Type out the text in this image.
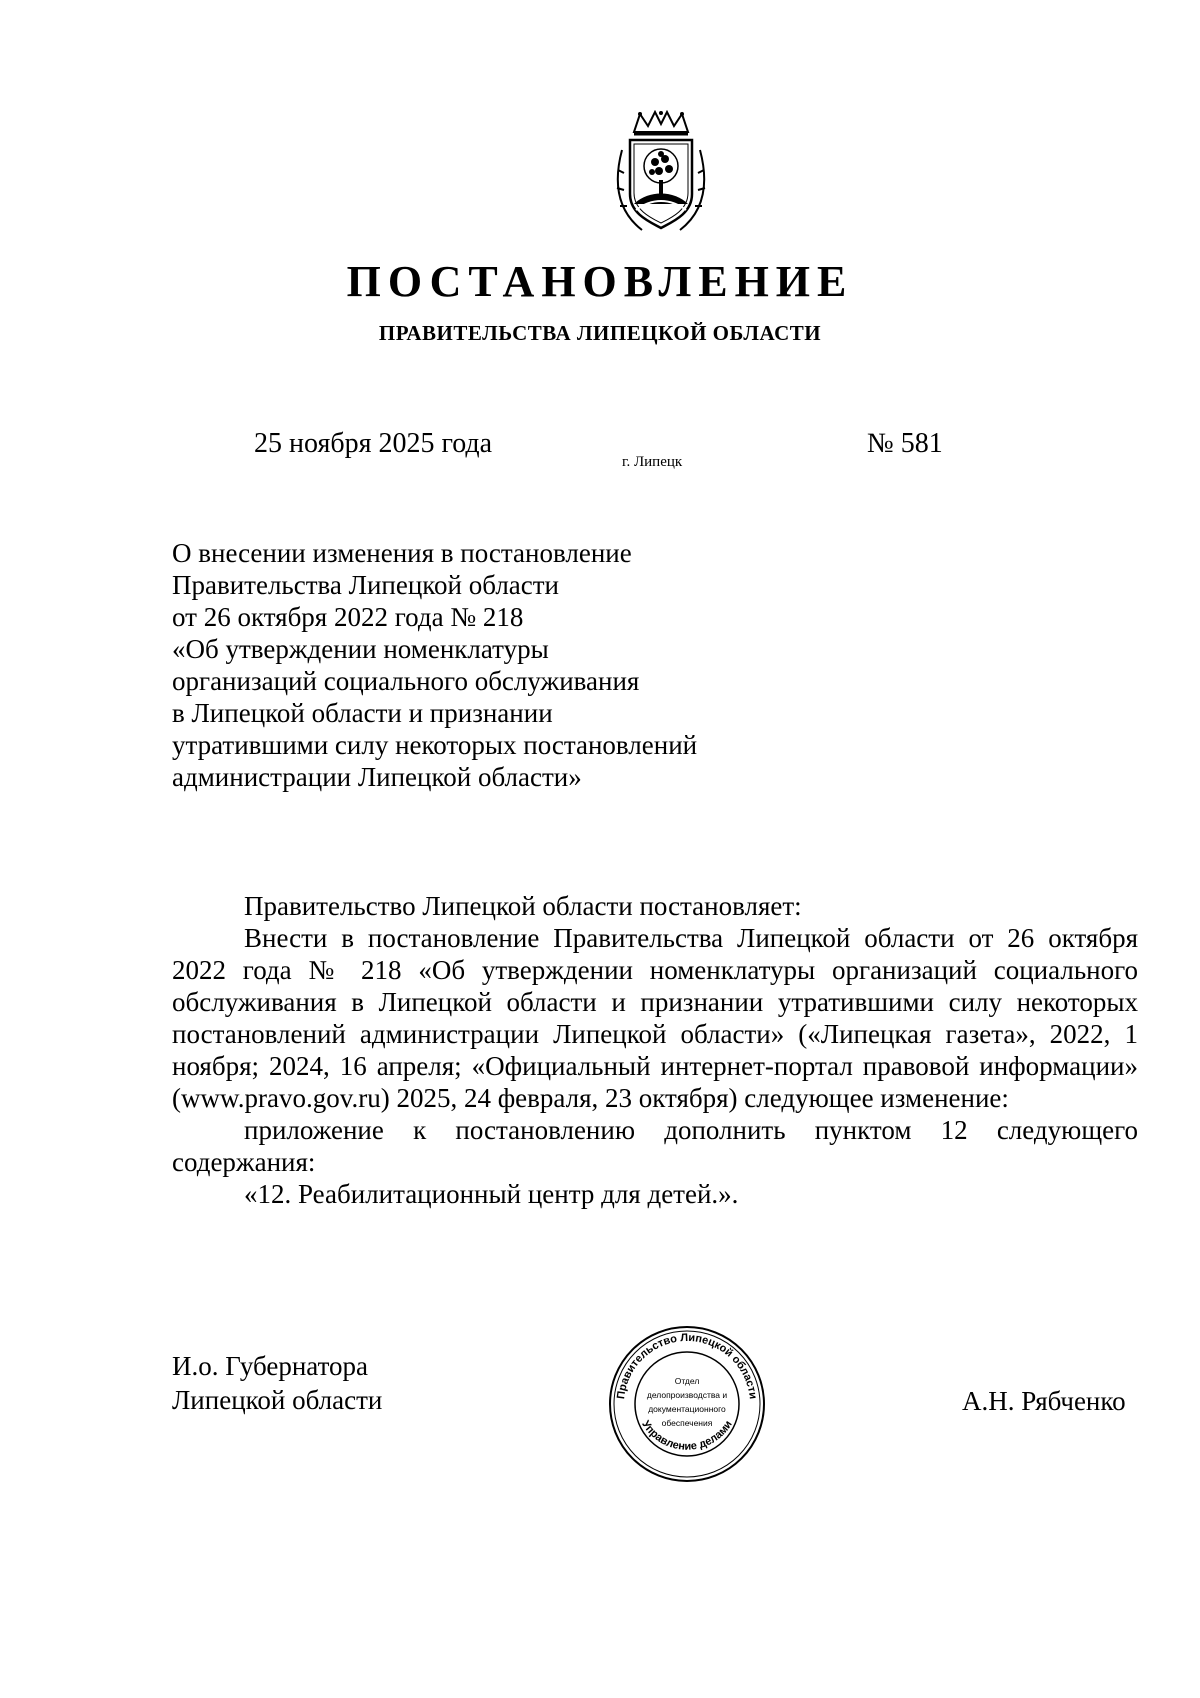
ПОСТАНОВЛЕНИЕ
ПРАВИТЕЛЬСТВА ЛИПЕЦКОЙ ОБЛАСТИ
25 ноября 2025 года
г. Липецк
№ 581
О внесении изменения в постановление
Правительства Липецкой области
от 26 октября 2022 года № 218
«Об утверждении номенклатуры
организаций социального обслуживания
в Липецкой области и признании
утратившими силу некоторых постановлений
администрации Липецкой области»
Правительство Липецкой области постановляет:
Внести в постановление Правительства Липецкой области от 26 октября 2022 года № 218 «Об утверждении номенклатуры организаций социального обслуживания в Липецкой области и признании утратившими силу некоторых постановлений администрации Липецкой области» («Липецкая газета», 2022, 1 ноября; 2024, 16 апреля; «Официальный интернет-портал правовой информации» (www.pravo.gov.ru) 2025, 24 февраля, 23 октября) следующее изменение:
приложение к постановлению дополнить пунктом 12 следующего содержания:
«12. Реабилитационный центр для детей.».
И.о. Губернатора
Липецкой области	Правительство Липецкой области
Управление делами
Отдел
делопроизводства и
документационного
обеспечения
А.Н. Рябченко
